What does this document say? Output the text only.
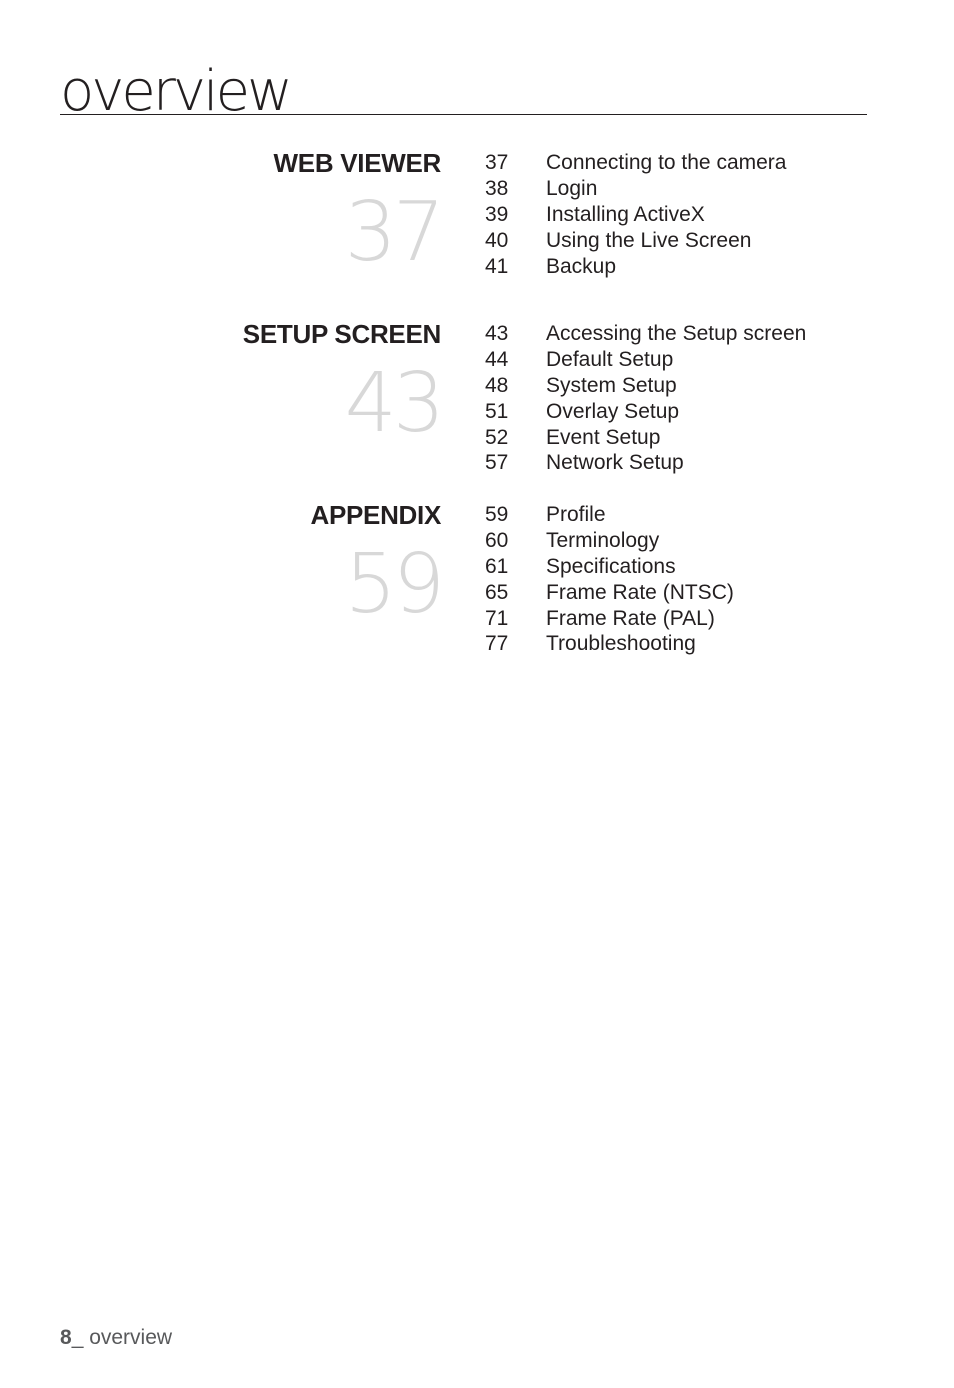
overview
WEB VIEWER
37
37	Connecting to the camera
38	Login
39	Installing ActiveX
40	Using the Live Screen
41	Backup
SETUP SCREEN
43
43	Accessing the Setup screen
44	Default Setup
48	System Setup
51	Overlay Setup
52	Event Setup
57	Network Setup
APPENDIX
59
59	Profile
60	Terminology
61	Specifications
65	Frame Rate (NTSC)
71	Frame Rate (PAL)
77	Troubleshooting
8_ overview
